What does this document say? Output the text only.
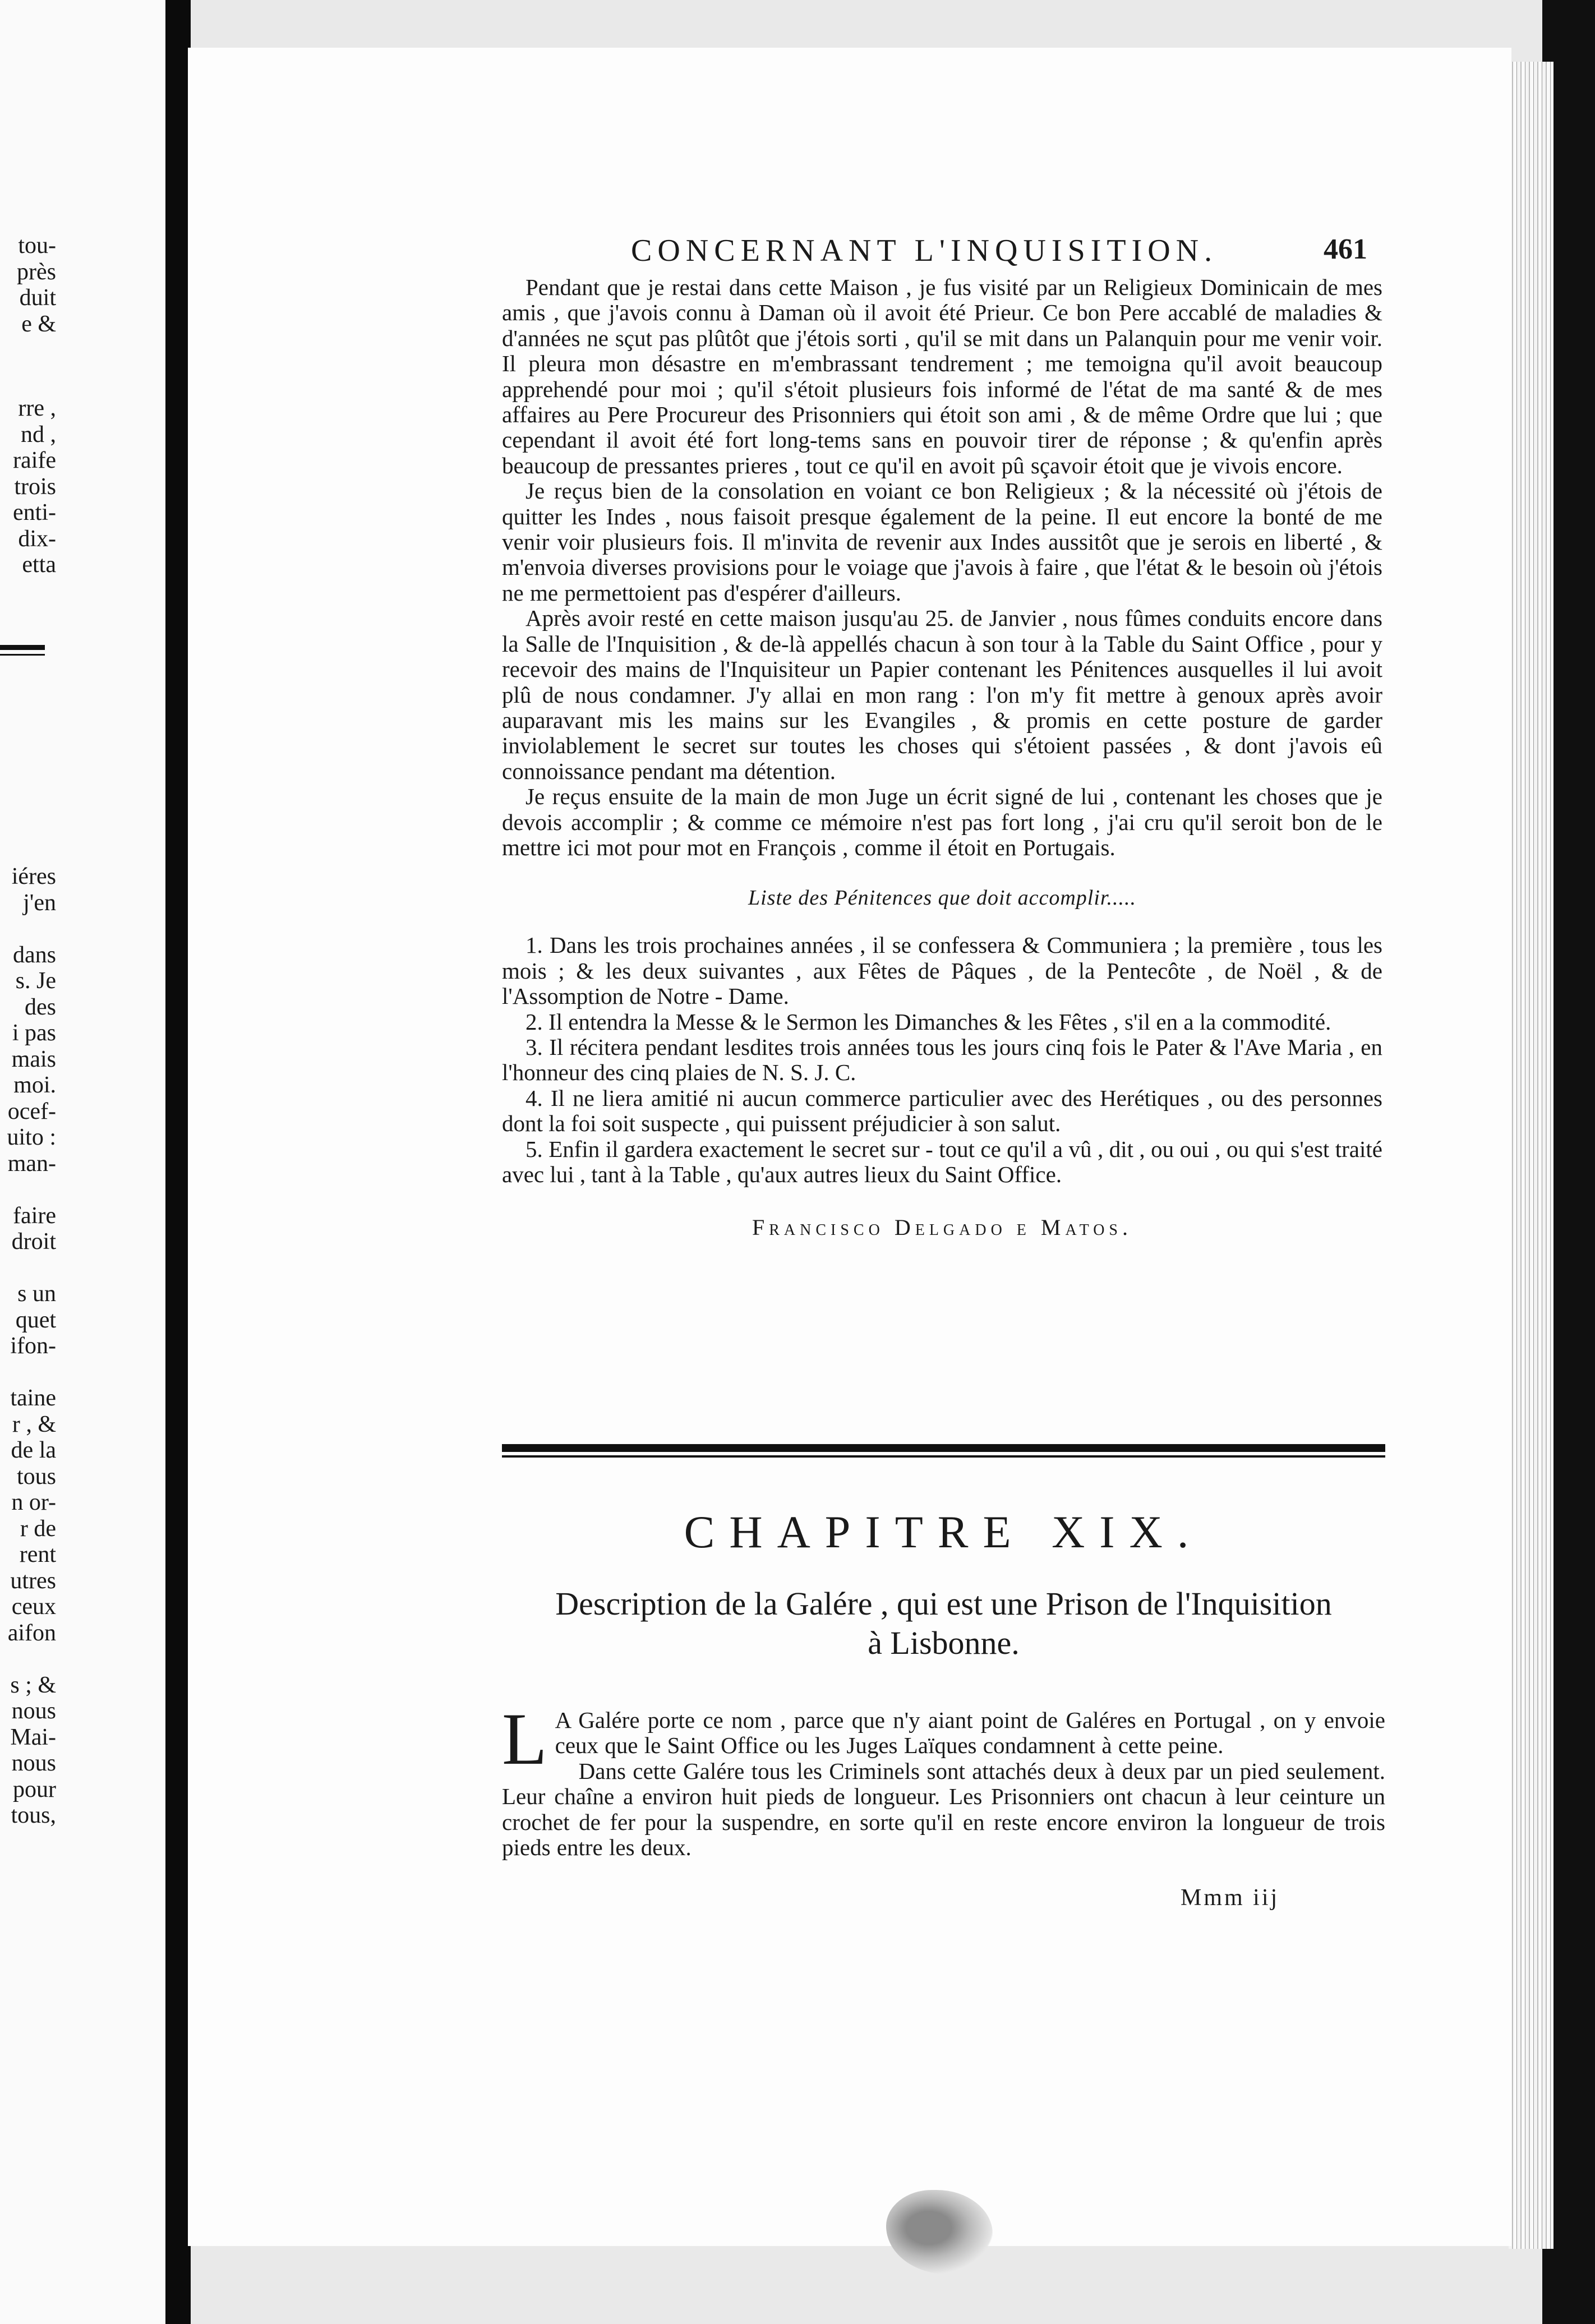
tou-
près
duit
e &
rre ,
nd ,
raife
trois
enti-
dix-
etta
iéres
j'en

dans
s. Je
des
i pas
mais
moi.
ocef-
uito :
man-

faire
droit

s un
quet
ifon-

taine
r , &
de la
tous
n or-
r de
rent
utres
ceux
aifon

s ; &
nous
Mai-
nous
pour
tous,
CONCERNANT L'INQUISITION.	461

Pendant que je restai dans cette Maison , je fus visité par un Religieux Dominicain de mes amis , que j'avois connu à Daman où il avoit été Prieur. Ce bon Pere accablé de maladies & d'années ne sçut pas plûtôt que j'étois sorti , qu'il se mit dans un Palanquin pour me venir voir. Il pleura mon désastre en m'embrassant tendrement ; me temoigna qu'il avoit beaucoup apprehendé pour moi ; qu'il s'étoit plusieurs fois informé de l'état de ma santé & de mes affaires au Pere Procureur des Prisonniers qui étoit son ami , & de même Ordre que lui ; que cependant il avoit été fort long-tems sans en pouvoir tirer de réponse ; & qu'enfin après beaucoup de pressantes prieres , tout ce qu'il en avoit pû sçavoir étoit que je vivois encore.

Je reçus bien de la consolation en voiant ce bon Religieux ; & la nécessité où j'étois de quitter les Indes , nous faisoit presque également de la peine. Il eut encore la bonté de me venir voir plusieurs fois. Il m'invita de revenir aux Indes aussitôt que je serois en liberté , & m'envoia diverses provisions pour le voiage que j'avois à faire , que l'état & le besoin où j'étois ne me permettoient pas d'espérer d'ailleurs.

Après avoir resté en cette maison jusqu'au 25. de Janvier , nous fûmes conduits encore dans la Salle de l'Inquisition , & de-là appellés chacun à son tour à la Table du Saint Office , pour y recevoir des mains de l'Inquisiteur un Papier contenant les Pénitences ausquelles il lui avoit plû de nous condamner. J'y allai en mon rang : l'on m'y fit mettre à genoux après avoir auparavant mis les mains sur les Evangiles , & promis en cette posture de garder inviolablement le secret sur toutes les choses qui s'étoient passées , & dont j'avois eû connoissance pendant ma détention.

Je reçus ensuite de la main de mon Juge un écrit signé de lui , contenant les choses que je devois accomplir ; & comme ce mémoire n'est pas fort long , j'ai cru qu'il seroit bon de le mettre ici mot pour mot en François , comme il étoit en Portugais.

Liste des Pénitences que doit accomplir.....

1. Dans les trois prochaines années , il se confessera & Communiera ; la première , tous les mois ; & les deux suivantes , aux Fêtes de Pâques , de la Pentecôte , de Noël , & de l'Assomption de Notre - Dame.

2. Il entendra la Messe & le Sermon les Dimanches & les Fêtes , s'il en a la commodité.

3. Il récitera pendant lesdites trois années tous les jours cinq fois le Pater & l'Ave Maria , en l'honneur des cinq plaies de N. S. J. C.

4. Il ne liera amitié ni aucun commerce particulier avec des Herétiques , ou des personnes dont la foi soit suspecte , qui puissent préjudicier à son salut.

5. Enfin il gardera exactement le secret sur - tout ce qu'il a vû , dit , ou oui , ou qui s'est traité avec lui , tant à la Table , qu'aux autres lieux du Saint Office.

Francisco Delgado e Matos.
CHAPITRE XIX.
Description de la Galére , qui est une Prison de l'Inquisition
à Lisbonne.

L A Galére porte ce nom , parce que n'y aiant point de Galéres en Portugal , on y envoie ceux que le Saint Office ou les Juges Laïques condamnent à cette peine.

Dans cette Galére tous les Criminels sont attachés deux à deux par un pied seulement. Leur chaîne a environ huit pieds de longueur. Les Prisonniers ont chacun à leur ceinture un crochet de fer pour la suspendre, en sorte qu'il en reste encore environ la longueur de trois pieds entre les deux.

Mmm iij
